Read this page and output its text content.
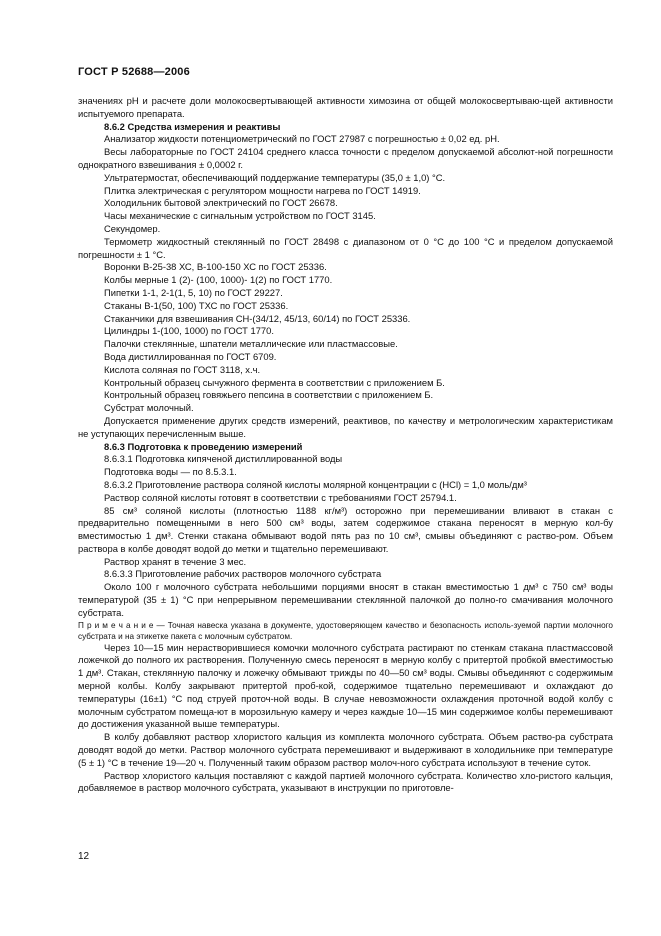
ГОСТ Р 52688—2006

значениях pH и расчете доли молокосвертывающей активности химозина от общей молокосвертываю-щей активности испытуемого препарата.

8.6.2 Средства измерения и реактивы

Анализатор жидкости потенциометрический по ГОСТ 27987 с погрешностью ± 0,02 ед. pH.

Весы лабораторные по ГОСТ 24104 среднего класса точности с пределом допускаемой абсолют-ной погрешности однократного взвешивания ± 0,0002 г.

Ультратермостат, обеспечивающий поддержание температуры (35,0 ± 1,0) °С.

Плитка электрическая с регулятором мощности нагрева по ГОСТ 14919.

Холодильник бытовой электрический по ГОСТ 26678.

Часы механические с сигнальным устройством по ГОСТ 3145.

Секундомер.

Термометр жидкостный стеклянный по ГОСТ 28498 с диапазоном от 0 °С до 100 °С и пределом допускаемой погрешности ± 1 °С.

Воронки В-25-38 ХС, В-100-150 ХС по ГОСТ 25336.

Колбы мерные 1 (2)- (100, 1000)- 1(2) по ГОСТ 1770.

Пипетки 1-1, 2-1(1, 5, 10) по ГОСТ 29227.

Стаканы В-1(50, 100) ТХС по ГОСТ 25336.

Стаканчики для взвешивания СН-(34/12, 45/13, 60/14) по ГОСТ 25336.

Цилиндры 1-(100, 1000) по ГОСТ 1770.

Палочки стеклянные, шпатели металлические или пластмассовые.

Вода дистиллированная по ГОСТ 6709.

Кислота соляная по ГОСТ 3118, х.ч.

Контрольный образец сычужного фермента в соответствии с приложением Б.

Контрольный образец говяжьего пепсина в соответствии с приложением Б.

Субстрат молочный.

Допускается применение других средств измерений, реактивов, по качеству и метрологическим характеристикам не уступающих перечисленным выше.

8.6.3 Подготовка к проведению измерений

8.6.3.1 Подготовка кипяченой дистиллированной воды

Подготовка воды — по 8.5.3.1.

8.6.3.2 Приготовление раствора соляной кислоты молярной концентрации с (HCl) = 1,0 моль/дм³

Раствор соляной кислоты готовят в соответствии с требованиями ГОСТ 25794.1.

85 см³ соляной кислоты (плотностью 1188 кг/м³) осторожно при перемешивании вливают в стакан с предварительно помещенными в него 500 см³ воды, затем содержимое стакана переносят в мерную кол-бу вместимостью 1 дм³. Стенки стакана обмывают водой пять раз по 10 см³, смывы объединяют с раство-ром. Объем раствора в колбе доводят водой до метки и тщательно перемешивают.

Раствор хранят в течение 3 мес.

8.6.3.3 Приготовление рабочих растворов молочного субстрата

Около 100 г молочного субстрата небольшими порциями вносят в стакан вместимостью 1 дм³ с 750 см³ воды температурой (35 ± 1) °С при непрерывном перемешивании стеклянной палочкой до полно-го смачивания молочного субстрата.

П р и м е ч а н и е — Точная навеска указана в документе, удостоверяющем качество и безопасность исполь-зуемой партии молочного субстрата и на этикетке пакета с молочным субстратом.

Через 10—15 мин нерастворившиеся комочки молочного субстрата растирают по стенкам стакана пластмассовой ложечкой до полного их растворения. Полученную смесь переносят в мерную колбу с притертой пробкой вместимостью 1 дм³. Стакан, стеклянную палочку и ложечку обмывают трижды по 40—50 см³ воды. Смывы объединяют с содержимым мерной колбы. Колбу закрывают притертой проб-кой, содержимое тщательно перемешивают и охлаждают до температуры (16±1) °С под струей проточ-ной воды. В случае невозможности охлаждения проточной водой колбу с молочным субстратом помеща-ют в морозильную камеру и через каждые 10—15 мин содержимое колбы перемешивают до достижения указанной выше температуры.

В колбу добавляют раствор хлористого кальция из комплекта молочного субстрата. Объем раство-ра субстрата доводят водой до метки. Раствор молочного субстрата перемешивают и выдерживают в холодильнике при температуре (5 ± 1) °С в течение 19—20 ч. Полученный таким образом раствор молоч-ного субстрата используют в течение суток.

Раствор хлористого кальция поставляют с каждой партией молочного субстрата. Количество хло-ристого кальция, добавляемое в раствор молочного субстрата, указывают в инструкции по приготовле-

12
